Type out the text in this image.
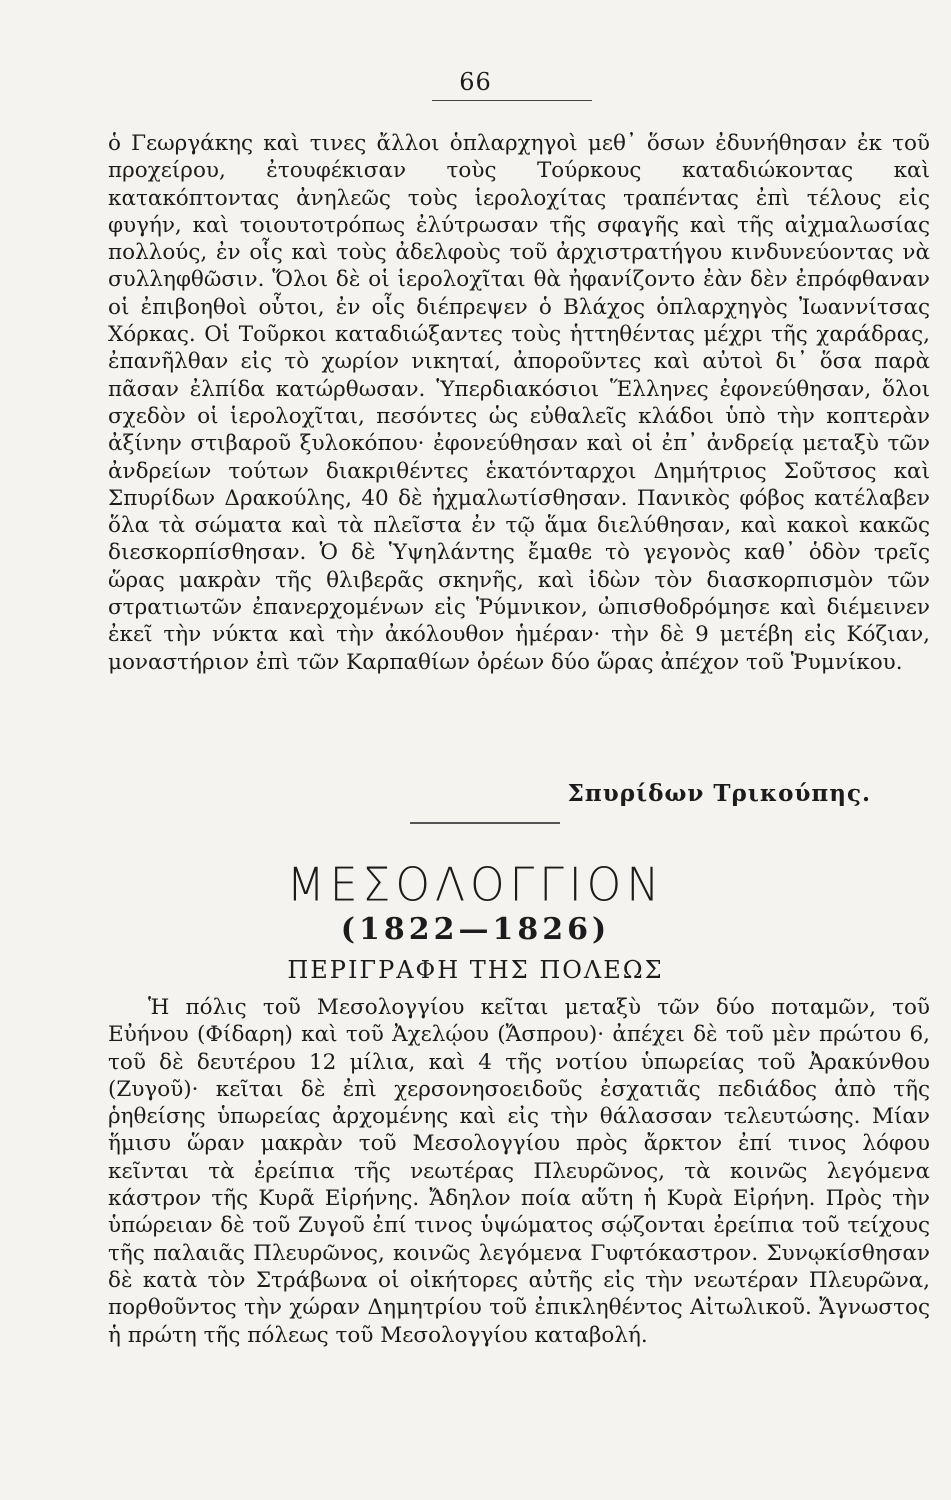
66

ὁ Γεωργάκης καὶ τινες ἄλλοι ὁπλαρχηγοὶ μεθ᾽ ὅσων ἐδυνήθησαν ἐκ τοῦ προχείρου, ἐτουφέκισαν τοὺς Τούρκους καταδιώκοντας καὶ κατακόπτοντας ἀνηλεῶς τοὺς ἱερολοχίτας τραπέντας ἐπὶ τέλους εἰς φυγήν, καὶ τοιουτοτρόπως ἐλύτρωσαν τῆς σφαγῆς καὶ τῆς αἰχμαλωσίας πολλούς, ἐν οἷς καὶ τοὺς ἀδελφοὺς τοῦ ἀρχιστρατήγου κινδυνεύοντας νὰ συλληφθῶσιν. Ὅλοι δὲ οἱ ἱερολοχῖται θὰ ἠφανίζοντο ἐὰν δὲν ἐπρόφθαναν οἱ ἐπιβοηθοὶ οὗτοι, ἐν οἷς διέπρεψεν ὁ Βλάχος ὁπλαρχηγὸς Ἰωαννίτσας Χόρκας. Οἱ Τοῦρκοι καταδιώξαντες τοὺς ἡττηθέντας μέχρι τῆς χαράδρας, ἐπανῆλθαν εἰς τὸ χωρίον νικηταί, ἀποροῦντες καὶ αὐτοὶ δι᾽ ὅσα παρὰ πᾶσαν ἐλπίδα κατώρθωσαν. Ὑπερδιακόσιοι Ἕλληνες ἐφονεύθησαν, ὅλοι σχεδὸν οἱ ἱερολοχῖται, πεσόντες ὡς εὐθαλεῖς κλάδοι ὑπὸ τὴν κοπτερὰν ἀξίνην στιβαροῦ ξυλοκόπου· ἐφονεύθησαν καὶ οἱ ἐπ᾽ ἀνδρείᾳ μεταξὺ τῶν ἀνδρείων τούτων διακριθέντες ἑκατόνταρχοι Δημήτριος Σοῦτσος καὶ Σπυρίδων Δρακούλης, 40 δὲ ἠχμαλωτίσθησαν. Πανικὸς φόβος κατέλαβεν ὅλα τὰ σώματα καὶ τὰ πλεῖστα ἐν τῷ ἅμα διελύθησαν, καὶ κακοὶ κακῶς διεσκορπίσθησαν. Ὁ δὲ Ὑψηλάντης ἔμαθε τὸ γεγονὸς καθ᾽ ὁδὸν τρεῖς ὥρας μακρὰν τῆς θλιβερᾶς σκηνῆς, καὶ ἰδὼν τὸν διασκορπισμὸν τῶν στρατιωτῶν ἐπανερχομένων εἰς Ῥύμνικον, ὠπισθοδρόμησε καὶ διέμεινεν ἐκεῖ τὴν νύκτα καὶ τὴν ἀκόλουθον ἡμέραν· τὴν δὲ 9 μετέβη εἰς Κόζιαν, μοναστήριον ἐπὶ τῶν Καρπαθίων ὀρέων δύο ὥρας ἀπέχον τοῦ Ῥυμνίκου.

Σπυρίδων Τρικούπης.
ΜΕΣΟΛΟΓΓΙΟΝ
(1822—1826)
ΠΕΡΙΓΡΑΦΗ ΤΗΣ ΠΟΛΕΩΣ

Ἡ πόλις τοῦ Μεσολογγίου κεῖται μεταξὺ τῶν δύο ποταμῶν, τοῦ Εὐήνου (Φίδαρη) καὶ τοῦ Ἀχελῴου (Ἄσπρου)· ἀπέχει δὲ τοῦ μὲν πρώτου 6, τοῦ δὲ δευτέρου 12 μίλια, καὶ 4 τῆς νοτίου ὑπωρείας τοῦ Ἀρακύνθου (Ζυγοῦ)· κεῖται δὲ ἐπὶ χερσονησοειδοῦς ἐσχατιᾶς πεδιάδος ἀπὸ τῆς ῥηθείσης ὑπωρείας ἀρχομένης καὶ εἰς τὴν θάλασσαν τελευτώσης. Μίαν ἥμισυ ὥραν μακρὰν τοῦ Μεσολογγίου πρὸς ἄρκτον ἐπί τινος λόφου κεῖνται τὰ ἐρείπια τῆς νεωτέρας Πλευρῶνος, τὰ κοινῶς λεγόμενα κάστρον τῆς Κυρᾶ Εἰρήνης. Ἄδηλον ποία αὕτη ἡ Κυρὰ Εἰρήνη. Πρὸς τὴν ὑπώρειαν δὲ τοῦ Ζυγοῦ ἐπί τινος ὑψώματος σῴζονται ἐρείπια τοῦ τείχους τῆς παλαιᾶς Πλευρῶνος, κοινῶς λεγόμενα Γυφτόκαστρον. Συνῳκίσθησαν δὲ κατὰ τὸν Στράβωνα οἱ οἰκήτορες αὐτῆς εἰς τὴν νεωτέραν Πλευρῶνα, πορθοῦντος τὴν χώραν Δημητρίου τοῦ ἐπικληθέντος Αἰτωλικοῦ. Ἄγνωστος ἡ πρώτη τῆς πόλεως τοῦ Μεσολογγίου καταβολή.
